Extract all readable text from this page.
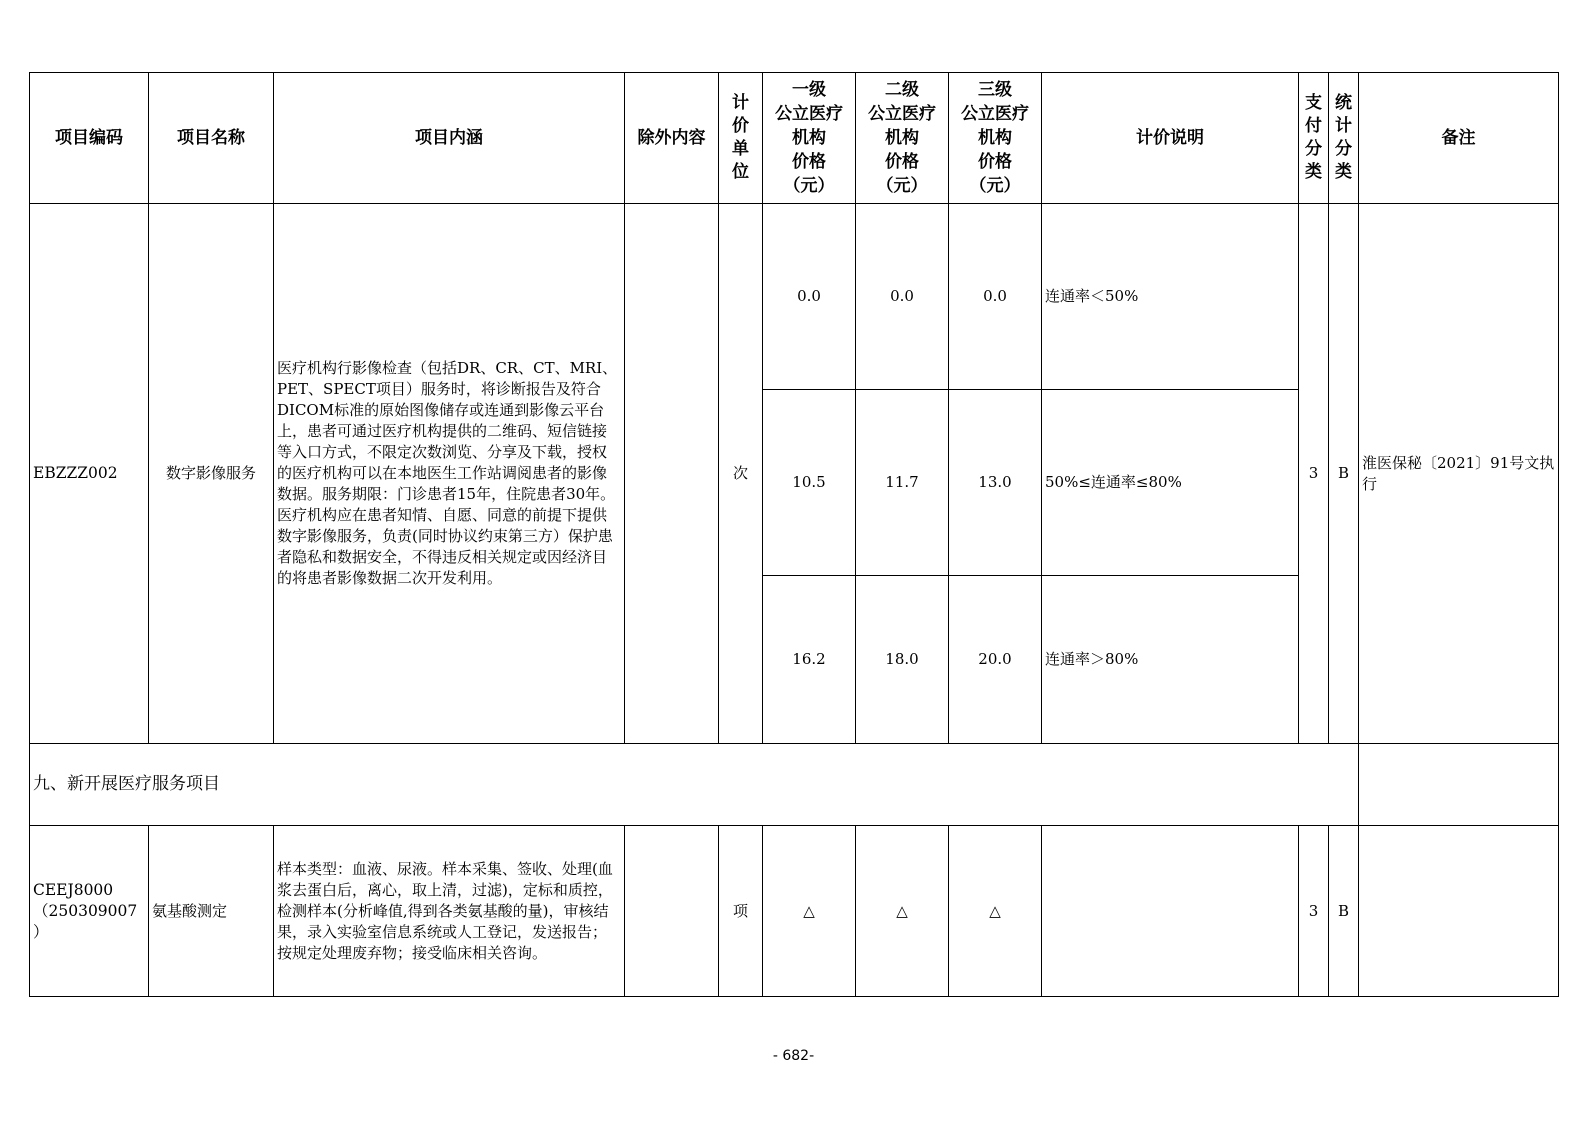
项目编码	项目名称	项目内涵	除外内容	计
价
单
位	一级
公立医疗
机构
价格
（元）	二级
公立医疗
机构
价格
（元）	三级
公立医疗
机构
价格
（元）	计价说明	支
付
分
类	统
计
分
类	备注
EBZZZ002	数字影像服务	医疗机构行影像检查（包括DR、CR、CT、MRI、PET、SPECT项目）服务时，将诊断报告及符合DICOM标准的原始图像储存或连通到影像云平台上，患者可通过医疗机构提供的二维码、短信链接等入口方式，不限定次数浏览、分享及下载，授权的医疗机构可以在本地医生工作站调阅患者的影像数据。服务期限：门诊患者15年，住院患者30年。医疗机构应在患者知情、自愿、同意的前提下提供数字影像服务，负责(同时协议约束第三方）保护患者隐私和数据安全，不得违反相关规定或因经济目的将患者影像数据二次开发利用。		次	0.0	0.0	0.0	连通率＜50%	3	B	淮医保秘〔2021〕91号文执行
					10.5	11.7	13.0	50%≤连通率≤80%			
					16.2	18.0	20.0	连通率＞80%			
九、新开展医疗服务项目											
CEEJ8000
（250309007
）	氨基酸测定	样本类型：血液、尿液。样本采集、签收、处理(血浆去蛋白后，离心，取上清，过滤)，定标和质控，检测样本(分析峰值,得到各类氨基酸的量)，审核结果，录入实验室信息系统或人工登记，发送报告；按规定处理废弃物；接受临床相关咨询。		项	△	△	△		3	B	
- 682-
